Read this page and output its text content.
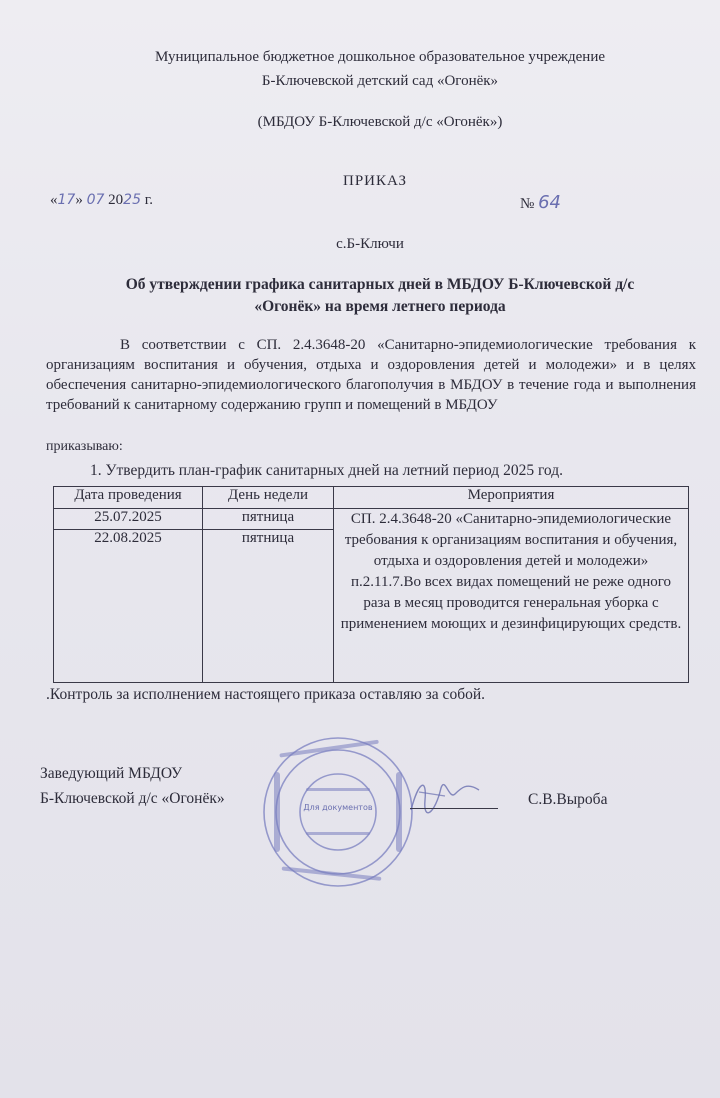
Муниципальное бюджетное дошкольное образовательное учреждение
Б-Ключевской детский сад «Огонёк»
(МБДОУ Б-Ключевской д/с «Огонёк»)
ПРИКАЗ
«17» 07 2025 г.	№ 64
с.Б-Ключи
Об утверждении графика санитарных дней в МБДОУ Б-Ключевской д/с
«Огонёк» на время летнего периода
В соответствии с СП. 2.4.3648-20 «Санитарно-эпидемиологические требования к организациям воспитания и обучения, отдыха и оздоровления детей и молодежи» и в целях обеспечения санитарно-эпидемиологического благополучия в МБДОУ в течение года и выполнения требований к санитарному содержанию групп и помещений в МБДОУ
приказываю:
1. Утвердить план-график санитарных дней на летний период 2025 год.
Дата проведения	День недели	Мероприятия
25.07.2025	пятница	СП. 2.4.3648-20 «Санитарно-эпидемиологические требования к организациям воспитания и обучения, отдыха и оздоровления детей и молодежи» п.2.11.7.Во всех видах помещений не реже одного раза в месяц проводится генеральная уборка с применением моющих и дезинфицирующих средств.
22.08.2025	пятница	
.Контроль за исполнением настоящего приказа оставляю за собой.
Заведующий МБДОУ
Б-Ключевской д/с «Огонёк»
Для документов	С.В.Выроба
